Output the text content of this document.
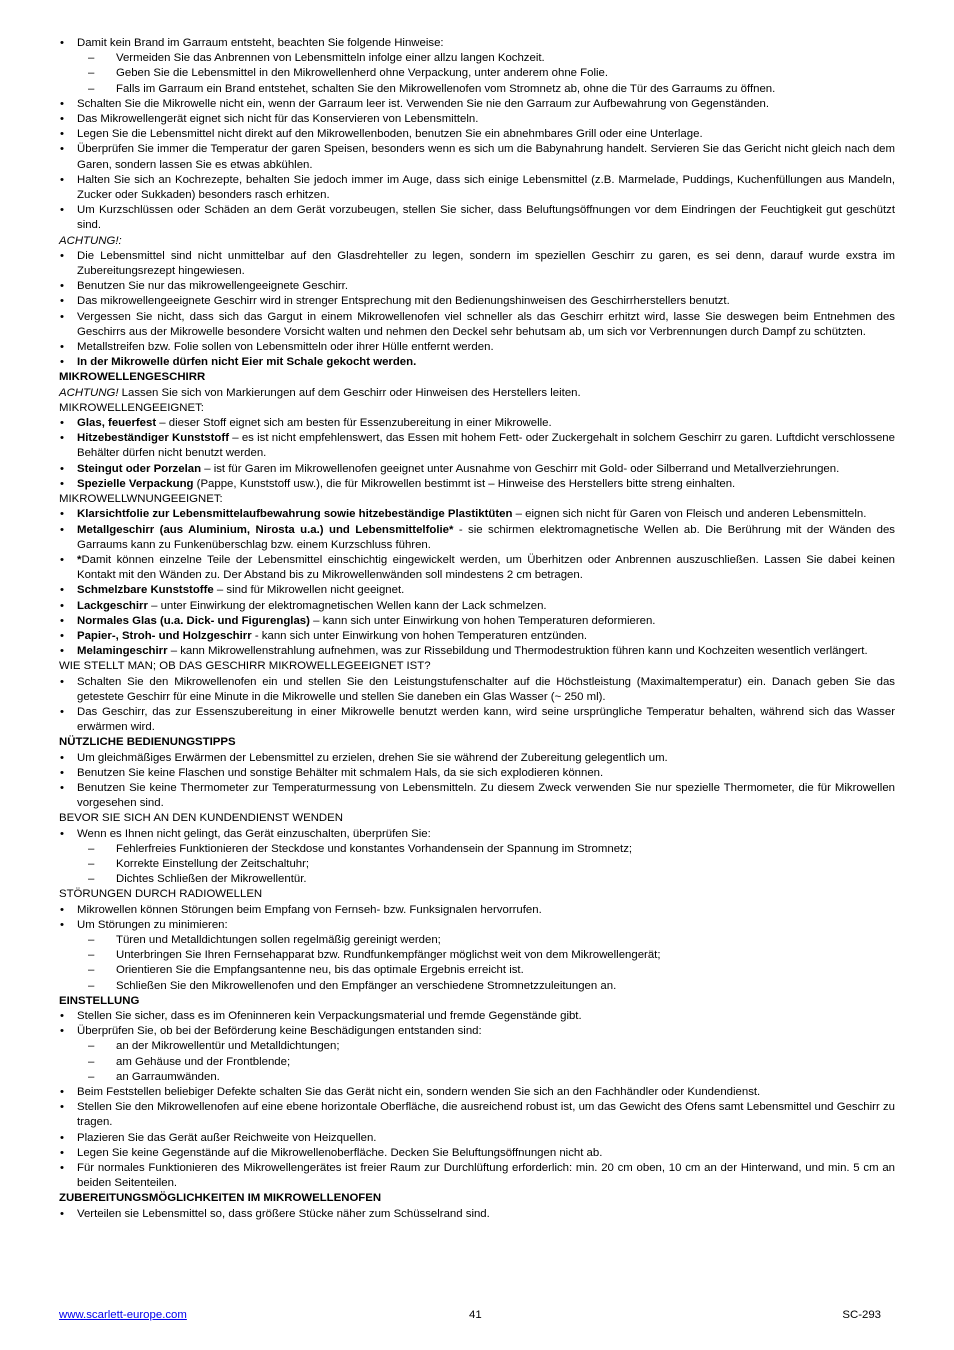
• Damit kein Brand im Garraum entsteht, beachten Sie folgende Hinweise:
– Vermeiden Sie das Anbrennen von Lebensmitteln infolge einer allzu langen Kochzeit.
– Geben Sie die Lebensmittel in den Mikrowellenherd ohne Verpackung, unter anderem ohne Folie.
– Falls im Garraum ein Brand entstehet, schalten Sie den Mikrowellenofen vom Stromnetz ab, ohne die Tür des Garraums zu öffnen.
• Schalten Sie die Mikrowelle nicht ein, wenn der Garraum leer ist. Verwenden Sie nie den Garraum zur Aufbewahrung von Gegenständen.
• Das Mikrowellengerät eignet sich nicht für das Konservieren von Lebensmitteln.
• Legen Sie die Lebensmittel nicht direkt auf den Mikrowellenboden, benutzen Sie ein abnehmbares Grill oder eine Unterlage.
• Überprüfen Sie immer die Temperatur der garen Speisen, besonders wenn es sich um die Babynahrung handelt. Servieren Sie das Gericht nicht gleich nach dem Garen, sondern lassen Sie es etwas abkühlen.
• Halten Sie sich an Kochrezepte, behalten Sie jedoch immer im Auge, dass sich einige Lebensmittel (z.B. Marmelade, Puddings, Kuchenfüllungen aus Mandeln, Zucker oder Sukkaden) besonders rasch erhitzen.
• Um Kurzschlüssen oder Schäden an dem Gerät vorzubeugen, stellen Sie sicher, dass Beluftungsöffnungen vor dem Eindringen der Feuchtigkeit gut geschützt sind.
ACHTUNG!:
• Die Lebensmittel sind nicht unmittelbar auf den Glasdrehteller zu legen, sondern im speziellen Geschirr zu garen, es sei denn, darauf wurde exstra im Zubereitungsrezept hingewiesen.
• Benutzen Sie nur das mikrowellengeeignete Geschirr.
• Das mikrowellengeeignete Geschirr wird in strenger Entsprechung mit den Bedienungshinweisen des Geschirrherstellers benutzt.
• Vergessen Sie nicht, dass sich das Gargut in einem Mikrowellenofen viel schneller als das Geschirr erhitzt wird, lasse Sie deswegen beim Entnehmen des Geschirrs aus der Mikrowelle besondere Vorsicht walten und nehmen den Deckel sehr behutsam ab, um sich vor Verbrennungen durch Dampf zu schützten.
• Metallstreifen bzw. Folie sollen von Lebensmitteln oder ihrer Hülle entfernt werden.
• In der Mikrowelle dürfen nicht Eier mit Schale gekocht werden.
MIKROWELLENGESCHIRR
ACHTUNG! Lassen Sie sich von Markierungen auf dem Geschirr oder Hinweisen des Herstellers leiten.
MIKROWELLENGEEIGNET:
• Glas, feuerfest – dieser Stoff eignet sich am besten für Essenzubereitung in einer Mikrowelle.
• Hitzebeständiger Kunststoff – es ist nicht empfehlenswert, das Essen mit hohem Fett- oder Zuckergehalt in solchem Geschirr zu garen. Luftdicht verschlossene Behälter dürfen nicht benutzt werden.
• Steingut oder Porzelan – ist für Garen im Mikrowellenofen geeignet unter Ausnahme von Geschirr mit Gold- oder Silberrand und Metallverziehrungen.
• Spezielle Verpackung (Pappe, Kunststoff usw.), die für Mikrowellen bestimmt ist – Hinweise des Herstellers bitte streng einhalten.
MIKROWELLWNUNGEEIGNET:
• Klarsichtfolie zur Lebensmittelaufbewahrung sowie hitzebeständige Plastiktüten – eignen sich nicht für Garen von Fleisch und anderen Lebensmitteln.
• Metallgeschirr (aus Aluminium, Nirosta u.a.) und Lebensmittelfolie* - sie schirmen elektromagnetische Wellen ab. Die Berührung mit der Wänden des Garraums kann zu Funkenüberschlag bzw. einem Kurzschluss führen.
• *Damit können einzelne Teile der Lebensmittel einschichtig eingewickelt werden, um Überhitzen oder Anbrennen auszuschließen. Lassen Sie dabei keinen Kontakt mit den Wänden zu. Der Abstand bis zu Mikrowellenwänden soll mindestens 2 cm betragen.
• Schmelzbare Kunststoffe – sind für Mikrowellen nicht geeignet.
• Lackgeschirr – unter Einwirkung der elektromagnetischen Wellen kann der Lack schmelzen.
• Normales Glas (u.a. Dick- und Figurenglas) – kann sich unter Einwirkung von hohen Temperaturen deformieren.
• Papier-, Stroh- und Holzgeschirr - kann sich unter Einwirkung von hohen Temperaturen entzünden.
• Melamingeschirr – kann Mikrowellenstrahlung aufnehmen, was zur Rissebildung und Thermodestruktion führen kann und Kochzeiten wesentlich verlängert.
WIE STELLT MAN; OB DAS GESCHIRR MIKROWELLEGEEIGNET IST?
• Schalten Sie den Mikrowellenofen ein und stellen Sie den Leistungstufenschalter auf die Höchstleistung (Maximaltemperatur) ein. Danach geben Sie das getestete Geschirr für eine Minute in die Mikrowelle und stellen Sie daneben ein Glas Wasser (~ 250 ml).
• Das Geschirr, das zur Essenszubereitung in einer Mikrowelle benutzt werden kann, wird seine ursprüngliche Temperatur behalten, während sich das Wasser erwärmen wird.
NÜTZLICHE BEDIENUNGSTIPPS
• Um gleichmäßiges Erwärmen der Lebensmittel zu erzielen, drehen Sie sie während der Zubereitung gelegentlich um.
• Benutzen Sie keine Flaschen und sonstige Behälter mit schmalem Hals, da sie sich explodieren können.
• Benutzen Sie keine Thermometer zur Temperaturmessung von Lebensmitteln. Zu diesem Zweck verwenden Sie nur spezielle Thermometer, die für Mikrowellen vorgesehen sind.
BEVOR SIE SICH AN DEN KUNDENDIENST WENDEN
• Wenn es Ihnen nicht gelingt, das Gerät einzuschalten, überprüfen Sie:
– Fehlerfreies Funktionieren der Steckdose und konstantes Vorhandensein der Spannung im Stromnetz;
– Korrekte Einstellung der Zeitschaltuhr;
– Dichtes Schließen der Mikrowellentür.
STÖRUNGEN DURCH RADIOWELLEN
• Mikrowellen können Störungen beim Empfang von Fernseh- bzw. Funksignalen hervorrufen.
• Um Störungen zu minimieren:
– Türen und Metalldichtungen sollen regelmäßig gereinigt werden;
– Unterbringen Sie Ihren Fernsehapparat bzw. Rundfunkempfänger möglichst weit von dem Mikrowellengerät;
– Orientieren Sie die Empfangsantenne neu, bis das optimale Ergebnis erreicht ist.
– Schließen Sie den Mikrowellenofen und den Empfänger an verschiedene Stromnetzzuleitungen an.
EINSTELLUNG
• Stellen Sie sicher, dass es im Ofeninneren kein Verpackungsmaterial und fremde Gegenstände gibt.
• Überprüfen Sie, ob bei der Beförderung keine Beschädigungen entstanden sind:
– an der Mikrowellentür und Metalldichtungen;
– am Gehäuse und der Frontblende;
– an Garraumwänden.
• Beim Feststellen beliebiger Defekte schalten Sie das Gerät nicht ein, sondern wenden Sie sich an den Fachhändler oder Kundendienst.
• Stellen Sie den Mikrowellenofen auf eine ebene horizontale Oberfläche, die ausreichend robust ist, um das Gewicht des Ofens samt Lebensmittel und Geschirr zu tragen.
• Plazieren Sie das Gerät außer Reichweite von Heizquellen.
• Legen Sie keine Gegenstände auf die Mikrowellenoberfläche. Decken Sie Beluftungsöffnungen nicht ab.
• Für normales Funktionieren des Mikrowellengerätes ist freier Raum zur Durchlüftung erforderlich: min. 20 cm oben, 10 cm an der Hinterwand, und min. 5 cm an beiden Seitenteilen.
ZUBEREITUNGSMÖGLICHKEITEN IM MIKROWELLENOFEN
• Verteilen sie Lebensmittel so, dass größere Stücke näher zum Schüsselrand sind.
www.scarlett-europe.com	41	SC-293
